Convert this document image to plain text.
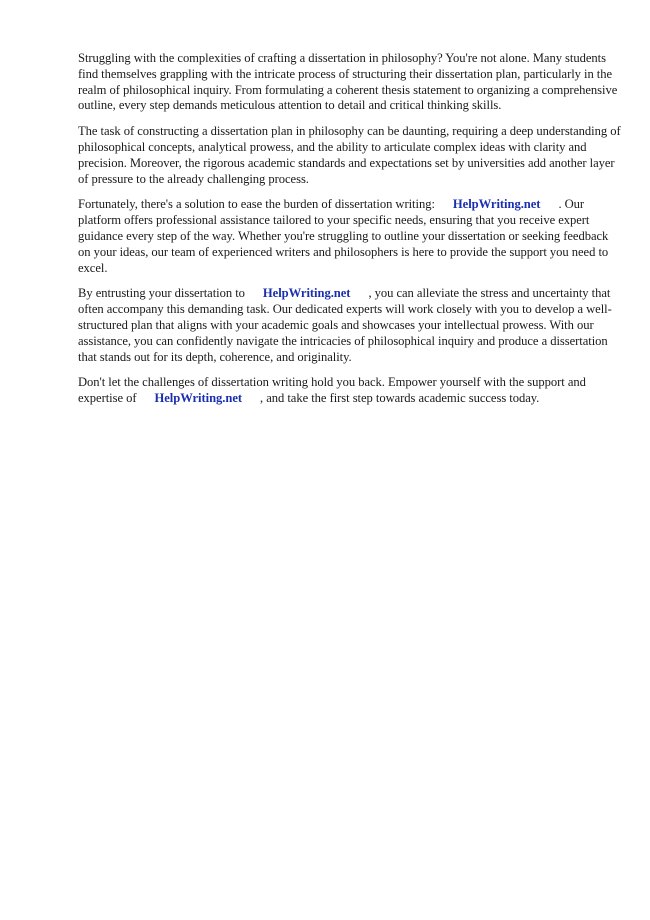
Struggling with the complexities of crafting a dissertation in philosophy? You're not alone. Many students find themselves grappling with the intricate process of structuring their dissertation plan, particularly in the realm of philosophical inquiry. From formulating a coherent thesis statement to organizing a comprehensive outline, every step demands meticulous attention to detail and critical thinking skills.

The task of constructing a dissertation plan in philosophy can be daunting, requiring a deep understanding of philosophical concepts, analytical prowess, and the ability to articulate complex ideas with clarity and precision. Moreover, the rigorous academic standards and expectations set by universities add another layer of pressure to the already challenging process.

Fortunately, there's a solution to ease the burden of dissertation writing: HelpWriting.net . Our platform offers professional assistance tailored to your specific needs, ensuring that you receive expert guidance every step of the way. Whether you're struggling to outline your dissertation or seeking feedback on your ideas, our team of experienced writers and philosophers is here to provide the support you need to excel.

By entrusting your dissertation to HelpWriting.net , you can alleviate the stress and uncertainty that often accompany this demanding task. Our dedicated experts will work closely with you to develop a well-structured plan that aligns with your academic goals and showcases your intellectual prowess. With our assistance, you can confidently navigate the intricacies of philosophical inquiry and produce a dissertation that stands out for its depth, coherence, and originality.

Don't let the challenges of dissertation writing hold you back. Empower yourself with the support and expertise of HelpWriting.net , and take the first step towards academic success today.
